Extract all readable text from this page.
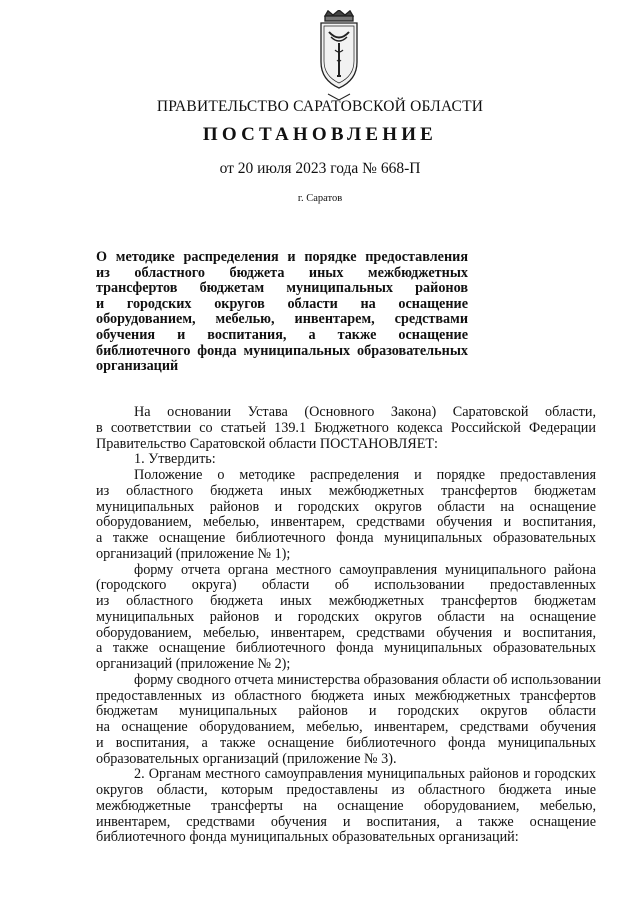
ПРАВИТЕЛЬСТВО САРАТОВСКОЙ ОБЛАСТИ
ПОСТАНОВЛЕНИЕ
от 20 июля 2023 года № 668-П
г. Саратов
О методике распределения и порядке предоставления
из областного бюджета иных межбюджетных
трансфертов бюджетам муниципальных районов
и городских округов области на оснащение
оборудованием, мебелью, инвентарем, средствами
обучения и воспитания, а также оснащение
библиотечного фонда муниципальных образовательных
организаций
На основании Устава (Основного Закона) Саратовской области,
в соответствии со статьей 139.1 Бюджетного кодекса Российской Федерации
Правительство Саратовской области ПОСТАНОВЛЯЕТ:
1. Утвердить:
Положение о методике распределения и порядке предоставления
из областного бюджета иных межбюджетных трансфертов бюджетам
муниципальных районов и городских округов области на оснащение
оборудованием, мебелью, инвентарем, средствами обучения и воспитания,
а также оснащение библиотечного фонда муниципальных образовательных
организаций (приложение № 1);
форму отчета органа местного самоуправления муниципального района
(городского округа) области об использовании предоставленных
из областного бюджета иных межбюджетных трансфертов бюджетам
муниципальных районов и городских округов области на оснащение
оборудованием, мебелью, инвентарем, средствами обучения и воспитания,
а также оснащение библиотечного фонда муниципальных образовательных
организаций (приложение № 2);
форму сводного отчета министерства образования области об использовании
предоставленных из областного бюджета иных межбюджетных трансфертов
бюджетам муниципальных районов и городских округов области
на оснащение оборудованием, мебелью, инвентарем, средствами обучения
и воспитания, а также оснащение библиотечного фонда муниципальных
образовательных организаций (приложение № 3).
2. Органам местного самоуправления муниципальных районов и городских
округов области, которым предоставлены из областного бюджета иные
межбюджетные трансферты на оснащение оборудованием, мебелью,
инвентарем, средствами обучения и воспитания, а также оснащение
библиотечного фонда муниципальных образовательных организаций:
